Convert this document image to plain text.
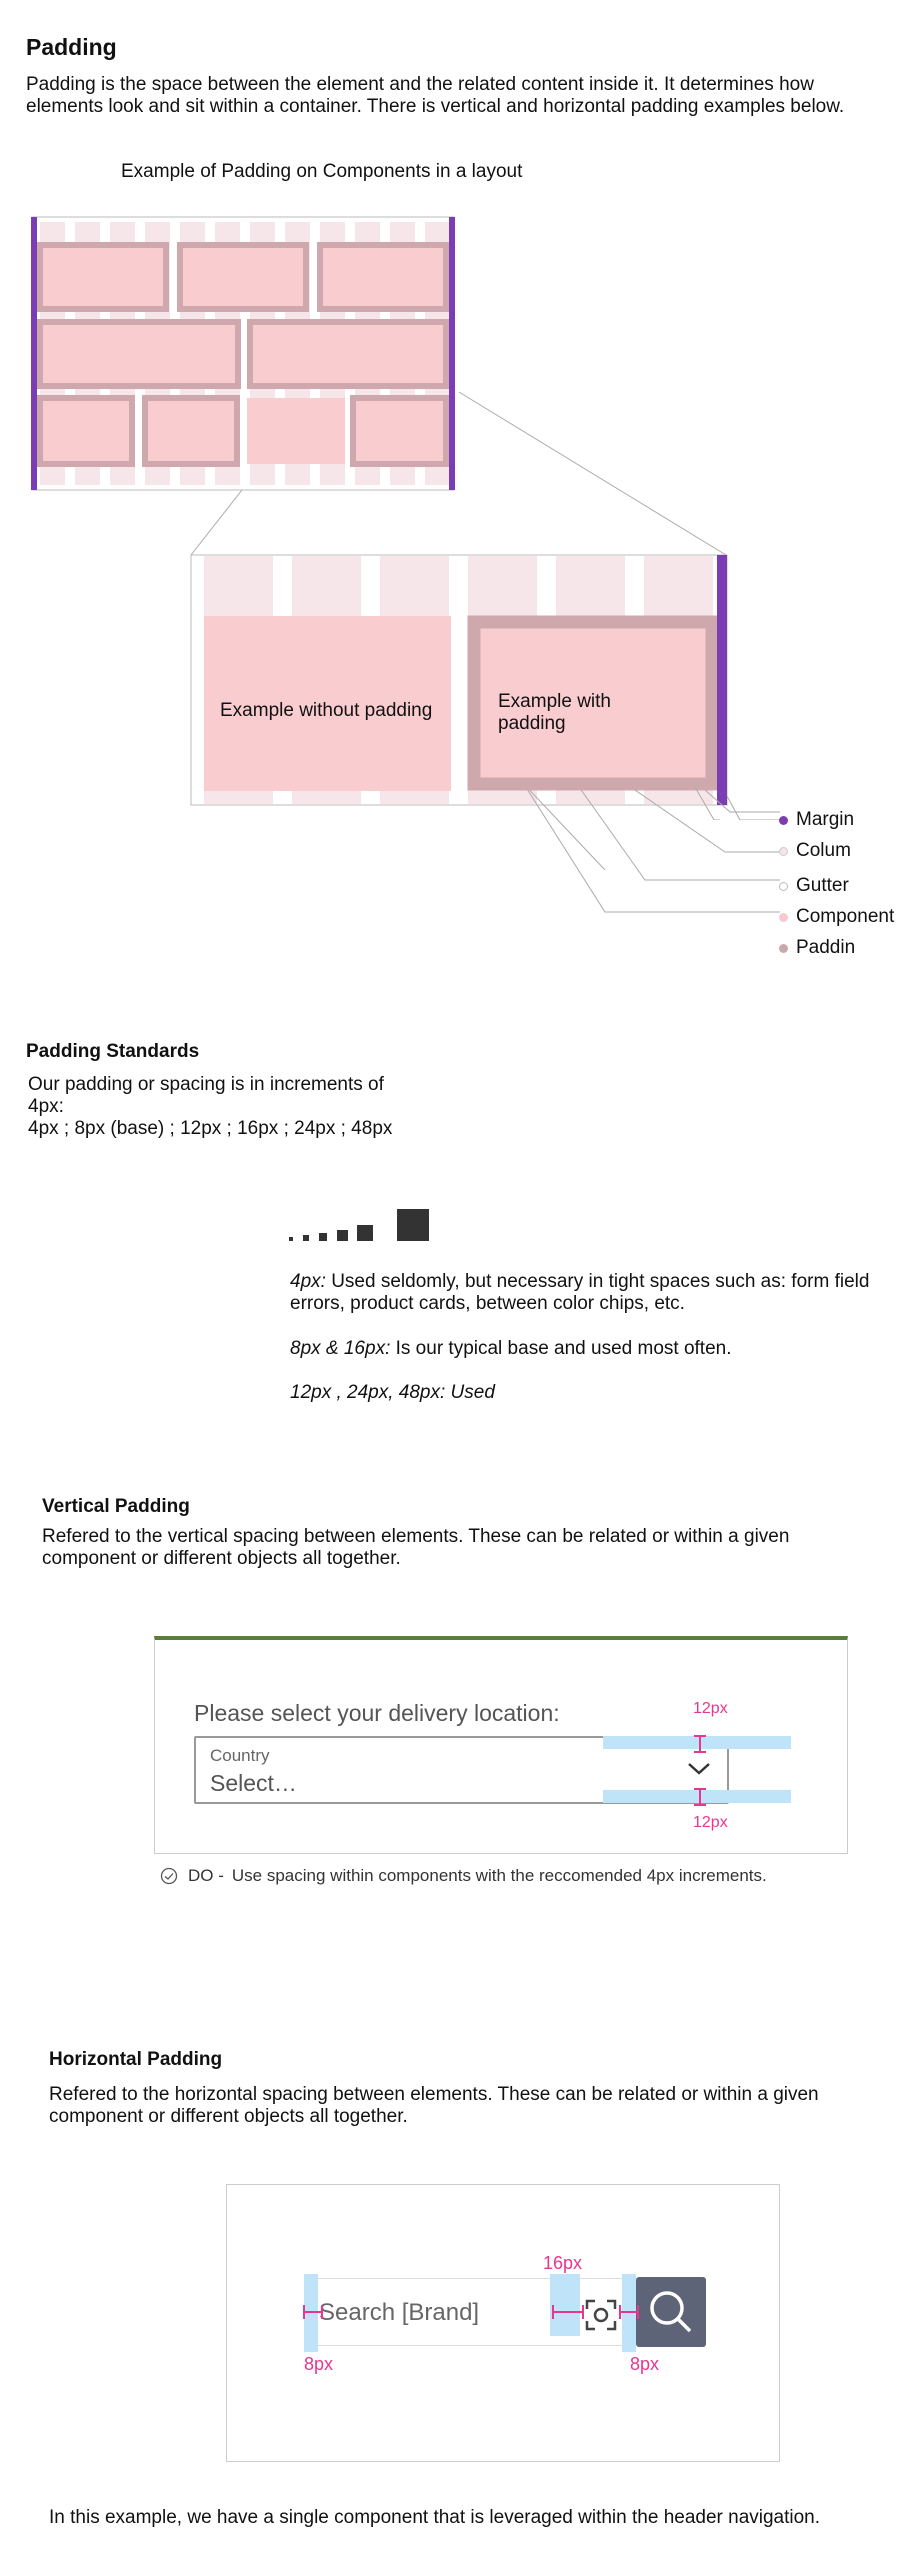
Padding

Padding is the space between the element and the related content inside it. It determines how elements look and sit within a container. There is vertical and horizontal padding examples below.

Example of Padding on Components in a layout

Example without padding	Example with padding

Margin
Colum
Gutter
Component
Paddin
Padding Standards

Our padding or spacing is in increments of

4px:

4px ; 8px (base) ; 12px ; 16px ; 24px ; 48px

4px: Used seldomly, but necessary in tight spaces such as: form field errors, product cards, between color chips, etc.

8px & 16px: Is our typical base and used most often.

12px , 24px, 48px: Used

Vertical Padding

Refered to the vertical spacing between elements. These can be related or within a given component or different objects all together.

Please select your delivery location:

Country
Select…
12px
12px
DO - Use spacing within components with the reccomended 4px increments.
Horizontal Padding

Refered to the horizontal spacing between elements. These can be related or within a given component or different objects all together.

Search [Brand]
8px
16px
8px

In this example, we have a single component that is leveraged within the header navigation.
